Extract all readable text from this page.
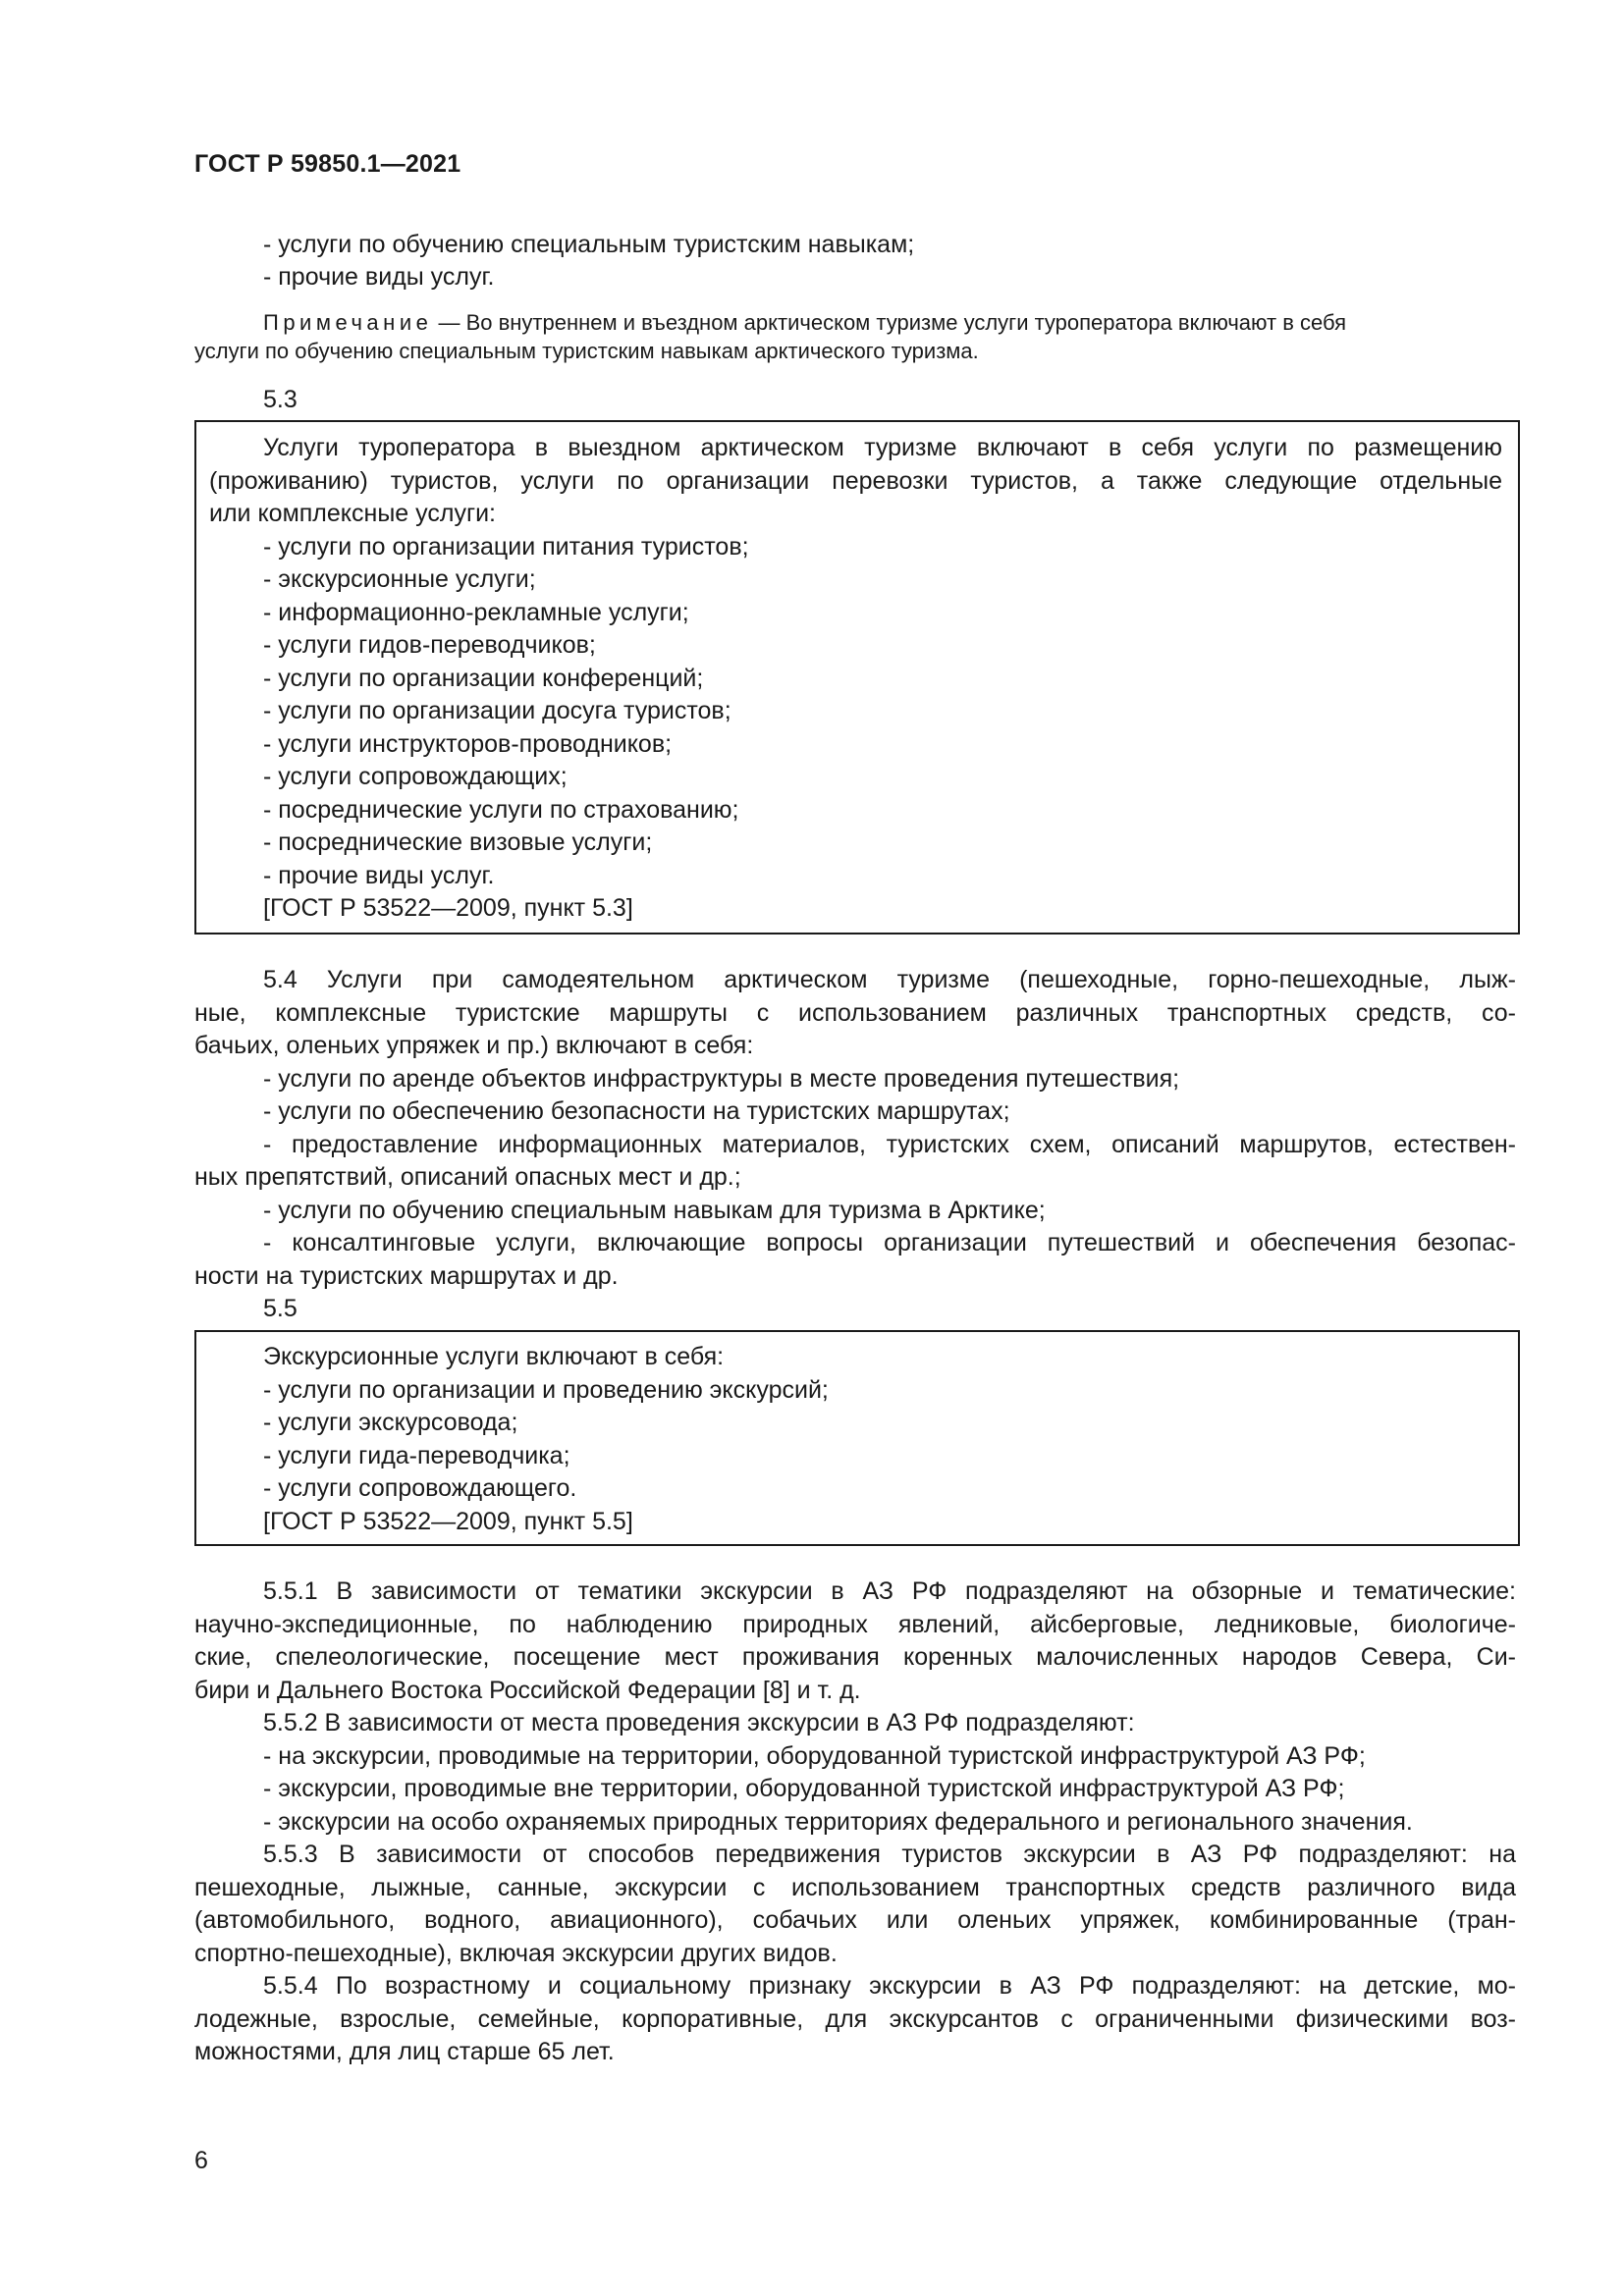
ГОСТ Р 59850.1—2021
- услуги по обучению специальным туристским навыкам;
- прочие виды услуг.
Примечание — Во внутреннем и въездном арктическом туризме услуги туроператора включают в себя
услуги по обучению специальным туристским навыкам арктического туризма.
5.3
Услуги туроператора в выездном арктическом туризме включают в себя услуги по размещению
(проживанию) туристов, услуги по организации перевозки туристов, а также следующие отдельные
или комплексные услуги:
- услуги по организации питания туристов;
- экскурсионные услуги;
- информационно-рекламные услуги;
- услуги гидов-переводчиков;
- услуги по организации конференций;
- услуги по организации досуга туристов;
- услуги инструкторов-проводников;
- услуги сопровождающих;
- посреднические услуги по страхованию;
- посреднические визовые услуги;
- прочие виды услуг.
[ГОСТ Р 53522—2009, пункт 5.3]
5.4 Услуги при самодеятельном арктическом туризме (пешеходные, горно-пешеходные, лыж-
ные, комплексные туристские маршруты с использованием различных транспортных средств, со-
бачьих, оленьих упряжек и пр.) включают в себя:
- услуги по аренде объектов инфраструктуры в месте проведения путешествия;
- услуги по обеспечению безопасности на туристских маршрутах;
- предоставление информационных материалов, туристских схем, описаний маршрутов, естествен-
ных препятствий, описаний опасных мест и др.;
- услуги по обучению специальным навыкам для туризма в Арктике;
- консалтинговые услуги, включающие вопросы организации путешествий и обеспечения безопас-
ности на туристских маршрутах и др.
5.5
Экскурсионные услуги включают в себя:
- услуги по организации и проведению экскурсий;
- услуги экскурсовода;
- услуги гида-переводчика;
- услуги сопровождающего.
[ГОСТ Р 53522—2009, пункт 5.5]
5.5.1 В зависимости от тематики экскурсии в АЗ РФ подразделяют на обзорные и тематические:
научно-экспедиционные, по наблюдению природных явлений, айсберговые, ледниковые, биологиче-
ские, спелеологические, посещение мест проживания коренных малочисленных народов Севера, Си-
бири и Дальнего Востока Российской Федерации [8] и т. д.
5.5.2 В зависимости от места проведения экскурсии в АЗ РФ подразделяют:
- на экскурсии, проводимые на территории, оборудованной туристской инфраструктурой АЗ РФ;
- экскурсии, проводимые вне территории, оборудованной туристской инфраструктурой АЗ РФ;
- экскурсии на особо охраняемых природных территориях федерального и регионального значения.
5.5.3 В зависимости от способов передвижения туристов экскурсии в АЗ РФ подразделяют: на
пешеходные, лыжные, санные, экскурсии с использованием транспортных средств различного вида
(автомобильного, водного, авиационного), собачьих или оленьих упряжек, комбинированные (тран-
спортно-пешеходные), включая экскурсии других видов.
5.5.4 По возрастному и социальному признаку экскурсии в АЗ РФ подразделяют: на детские, мо-
лодежные, взрослые, семейные, корпоративные, для экскурсантов с ограниченными физическими воз-
можностями, для лиц старше 65 лет.
6
